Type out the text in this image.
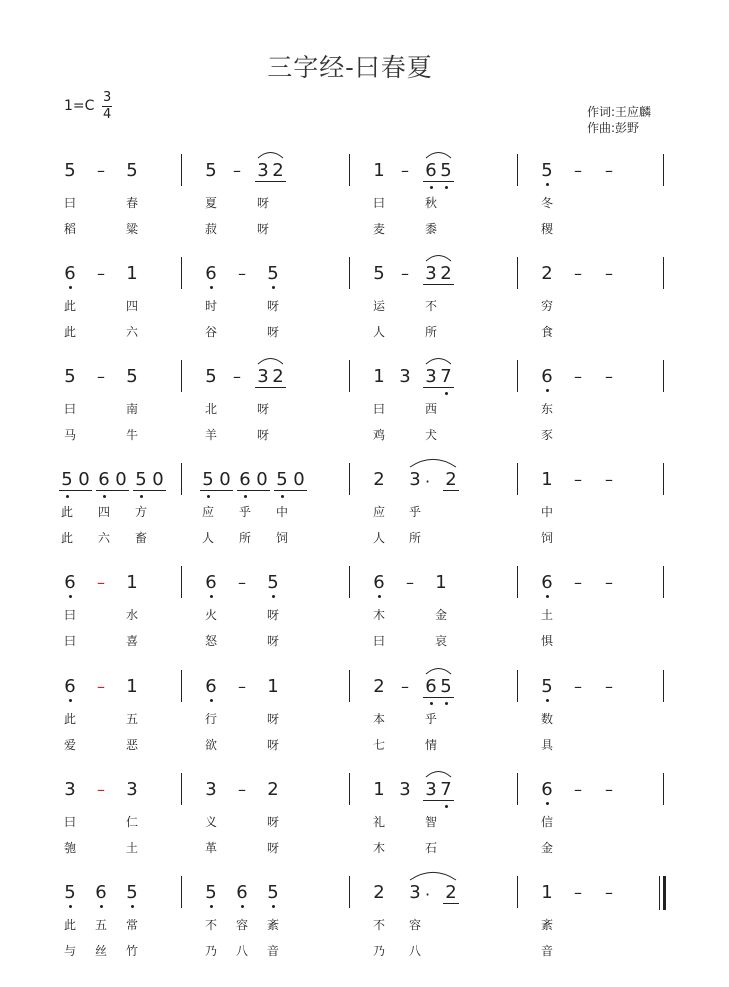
三字经-曰春夏
1=C
3
4	作词:王应麟
作曲:彭野
5
曰
稻
– 5
春
粱
5
夏
菽
– 3
呀
呀
2	1
曰
麦
– 6
秋
黍
5	5
冬
稷
–	–
6
此
此
– 1
四
六
6
时
谷
– 5
呀
呀
5
运
人
– 3
不
所
2	2
穷
食
–	–
5
曰
马
– 5
南
牛
5
北
羊
– 3
呀
呀
2	1
曰
鸡
3 3
西
犬
7	6
东
豕
–	–
5
此
此
0 6
四
六
0 5
方
畜
0 5
应
人
0 6
乎
所
0 5
中
饲
0	2
应
人
3 ·
乎
所
2	1
中
饲
–	–
6
曰
曰
– 1
水
喜
6
火
怒
– 5
呀
呀
6
木
曰
– 1
金
哀
6
土
惧
–	–
6
此
爱
– 1
五
恶
6
行
欲
– 1
呀
呀
2
本
七
– 6
乎
情
5	5
数
具
–	–
3
曰
匏
– 3
仁
土
3
义
革
– 2
呀
呀
1
礼
木
3 3
智
石
7	6
信
金
–	–
5
此
与
6
五
丝
5
常
竹
5
不
乃
6
容
八
5
紊
音
2
不
乃
3 ·
容
八
2	1
紊
音
–	–
